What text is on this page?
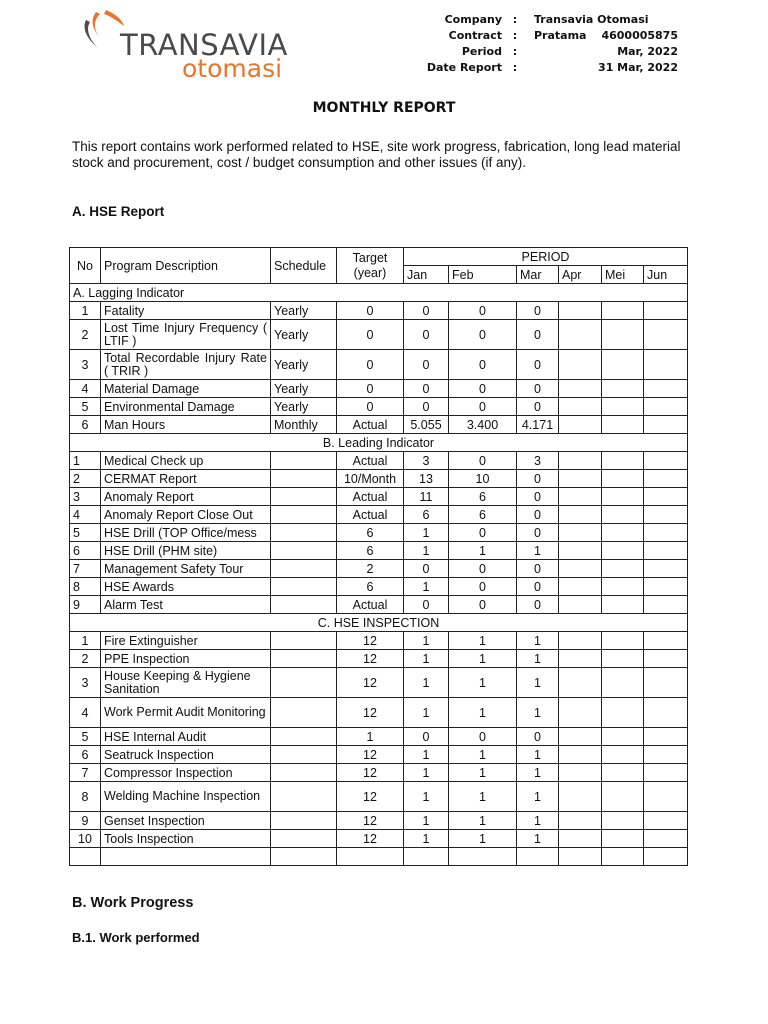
TRANSAVIA
otomasi
Company :	Transavia Otomasi Pratama
Contract :	4600005875
Period :	Mar, 2022
Date Report :	31 Mar, 2022
MONTHLY REPORT
This report contains work performed related to HSE, site work progress, fabrication, long lead material stock and procurement, cost / budget consumption and other issues (if any).
A. HSE Report
No	Program Description	Schedule	Target (year)	PERIOD					
				Jan	Feb	Mar	Apr	Mei	Jun
A. Lagging Indicator									
1	Fatality	Yearly	0	0	0	0			
2	Lost Time Injury Frequency ( LTIF )	Yearly	0	0	0	0			
3	Total Recordable Injury Rate ( TRIR )	Yearly	0	0	0	0			
4	Material Damage	Yearly	0	0	0	0			
5	Environmental Damage	Yearly	0	0	0	0			
6	Man Hours	Monthly	Actual	5.055	3.400	4.171			
B. Leading Indicator									
1	Medical Check up		Actual	3	0	3			
2	CERMAT Report		10/Month	13	10	0			
3	Anomaly Report		Actual	11	6	0			
4	Anomaly Report Close Out		Actual	6	6	0			
5	HSE Drill (TOP Office/mess		6	1	0	0			
6	HSE Drill (PHM site)		6	1	1	1			
7	Management Safety Tour		2	0	0	0			
8	HSE Awards		6	1	0	0			
9	Alarm Test		Actual	0	0	0			
C. HSE INSPECTION									
1	Fire Extinguisher		12	1	1	1			
2	PPE Inspection		12	1	1	1			
3	House Keeping & Hygiene Sanitation		12	1	1	1			
4	Work Permit Audit Monitoring		12	1	1	1			
5	HSE Internal Audit		1	0	0	0			
6	Seatruck Inspection		12	1	1	1			
7	Compressor Inspection		12	1	1	1			
8	Welding Machine Inspection		12	1	1	1			
9	Genset Inspection		12	1	1	1			
10	Tools Inspection		12	1	1	1			

B. Work Progress
B.1. Work performed
